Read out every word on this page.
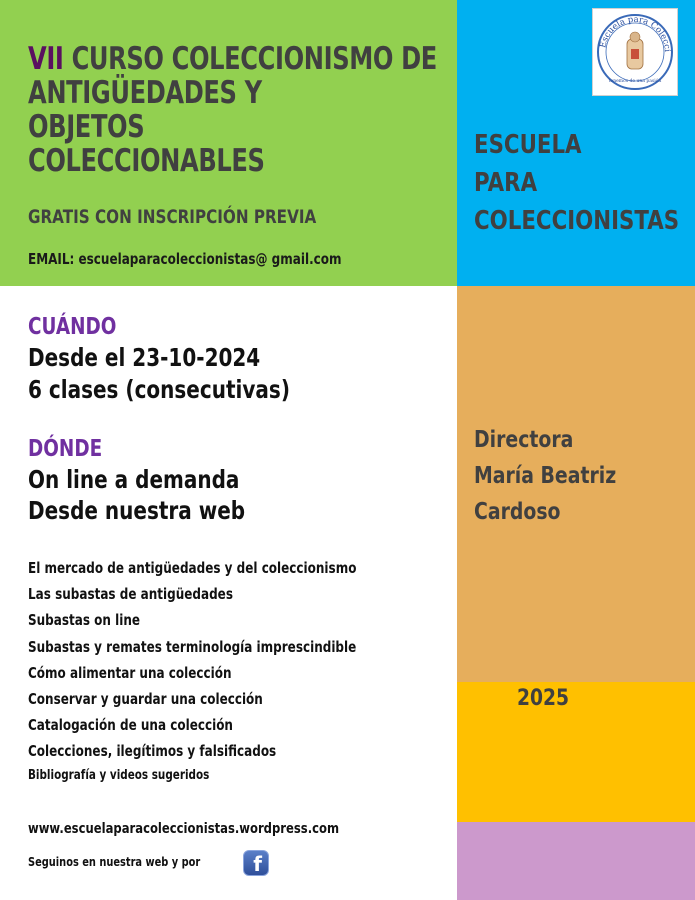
VII CURSO COLECCIONISMO DE
ANTIGÜEDADES Y
OBJETOS
COLECCIONABLES
GRATIS CON INSCRIPCIÓN PREVIA
EMAIL: escuelaparacoleccionistas@ gmail.com
Escuela para Colecci
tenemos de una pasión
ESCUELA
PARA
COLECCIONISTAS
Directora
María Beatriz
Cardoso
2025
CUÁNDO
Desde el 23-10-2024
6 clases (consecutivas)
DÓNDE
On line a demanda
Desde nuestra web
El mercado de antigüedades y del coleccionismo
Las subastas de antigüedades
Subastas on line
Subastas y remates terminología imprescindible
Cómo alimentar una colección
Conservar y guardar una colección
Catalogación de una colección
Colecciones, ilegítimos y falsificados
Bibliografía y videos sugeridos
www.escuelaparacoleccionistas.wordpress.com
Seguinos en nuestra web y por	f
